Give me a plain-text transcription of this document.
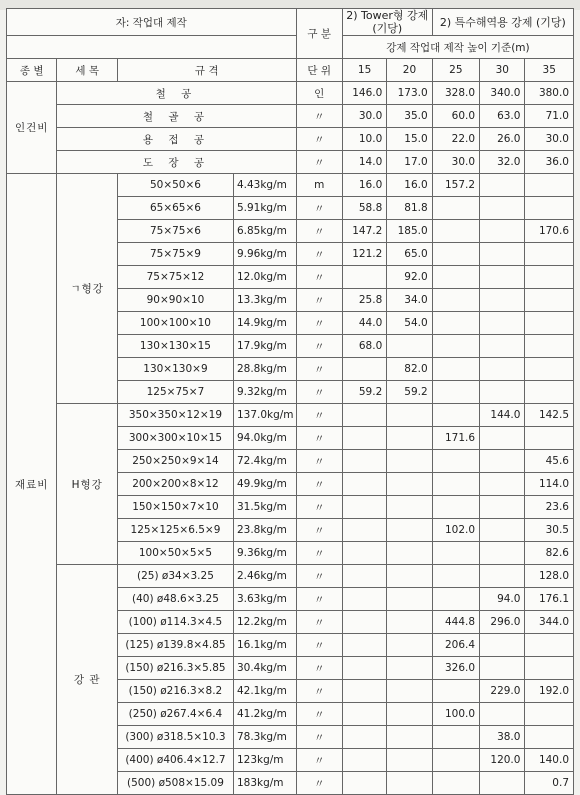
자: 작업대 제작				구 분	2) Tower형 강제(기당)		2) 특수해역용 강제 (기당)		
					강제 작업대 제작 높이 기준(m)				
종 별	세 목	규 격		단 위	15	20	25	30	35
인건비	철 공			인	146.0	173.0	328.0	340.0	380.0
	철 골 공			〃	30.0	35.0	60.0	63.0	71.0
	용 접 공			〃	10.0	15.0	22.0	26.0	30.0
	도 장 공			〃	14.0	17.0	30.0	32.0	36.0
재료비	ㄱ형강	50×50×6	4.43kg/m	m	16.0	16.0	157.2		
		65×65×6	5.91kg/m	〃	58.8	81.8			
		75×75×6	6.85kg/m	〃	147.2	185.0			170.6
		75×75×9	9.96kg/m	〃	121.2	65.0			
		75×75×12	12.0kg/m	〃		92.0			
		90×90×10	13.3kg/m	〃	25.8	34.0			
		100×100×10	14.9kg/m	〃	44.0	54.0			
		130×130×15	17.9kg/m	〃	68.0				
		130×130×9	28.8kg/m	〃		82.0			
		125×75×7	9.32kg/m	〃	59.2	59.2			
	H형강	350×350×12×19	137.0kg/m	〃				144.0	142.5
		300×300×10×15	94.0kg/m	〃			171.6		
		250×250×9×14	72.4kg/m	〃					45.6
		200×200×8×12	49.9kg/m	〃					114.0
		150×150×7×10	31.5kg/m	〃					23.6
		125×125×6.5×9	23.8kg/m	〃			102.0		30.5
		100×50×5×5	9.36kg/m	〃					82.6
	강 관	(25) ø34×3.25	2.46kg/m	〃					128.0
		(40) ø48.6×3.25	3.63kg/m	〃				94.0	176.1
		(100) ø114.3×4.5	12.2kg/m	〃			444.8	296.0	344.0
		(125) ø139.8×4.85	16.1kg/m	〃			206.4		
		(150) ø216.3×5.85	30.4kg/m	〃			326.0		
		(150) ø216.3×8.2	42.1kg/m	〃				229.0	192.0
		(250) ø267.4×6.4	41.2kg/m	〃			100.0		
		(300) ø318.5×10.3	78.3kg/m	〃				38.0	
		(400) ø406.4×12.7	123kg/m	〃				120.0	140.0
		(500) ø508×15.09	183kg/m	〃					0.7
